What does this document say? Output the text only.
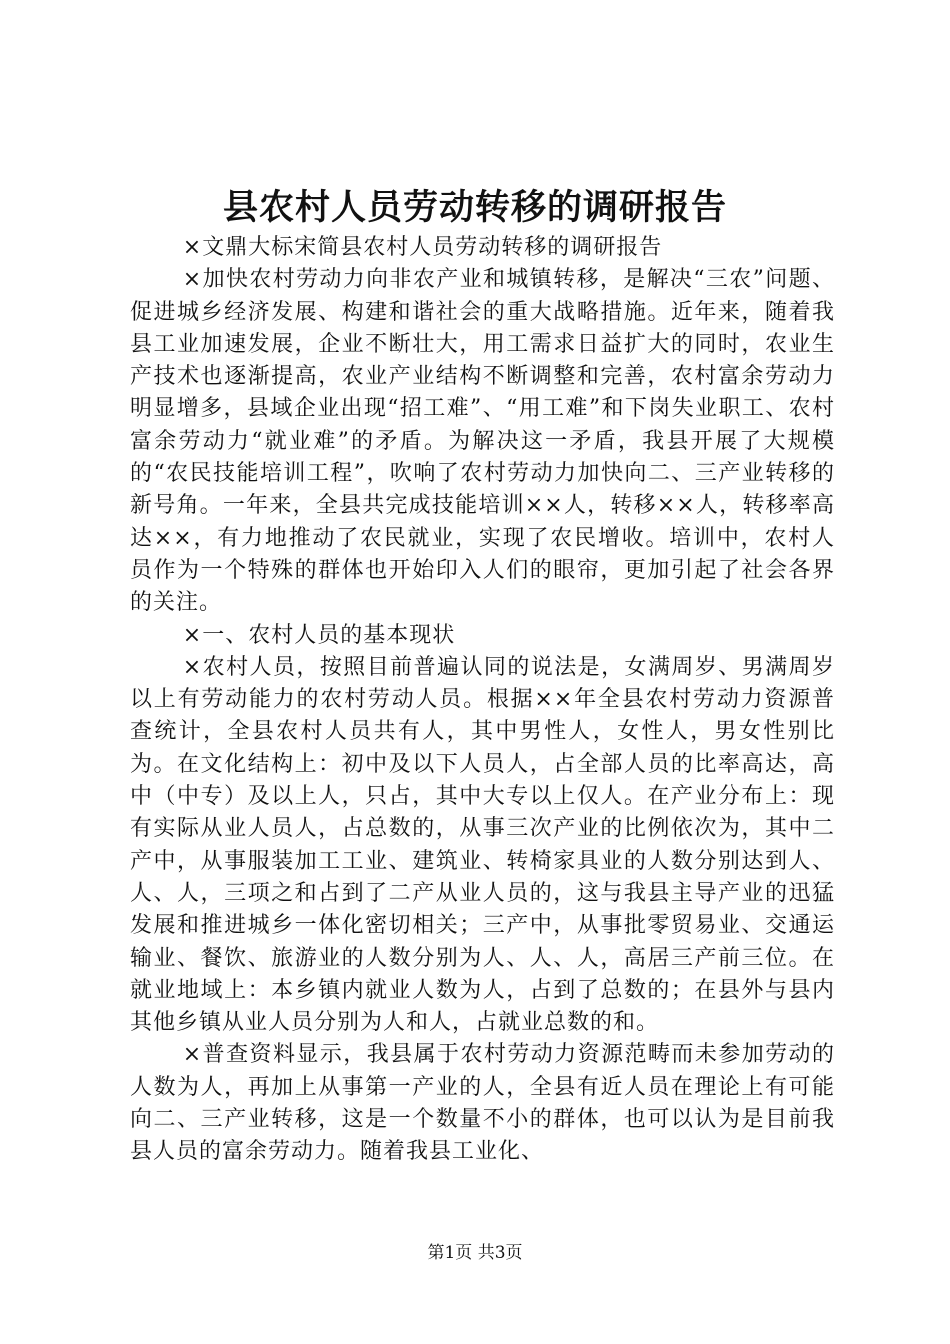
县农村人员劳动转移的调研报告

×文鼎大标宋简县农村人员劳动转移的调研报告

×加快农村劳动力向非农产业和城镇转移，是解决“三农”问题、促进城乡经济发展、构建和谐社会的重大战略措施。近年来，随着我县工业加速发展，企业不断壮大，用工需求日益扩大的同时，农业生产技术也逐渐提高，农业产业结构不断调整和完善，农村富余劳动力明显增多，县域企业出现“招工难”、“用工难”和下岗失业职工、农村富余劳动力“就业难”的矛盾。为解决这一矛盾，我县开展了大规模的“农民技能培训工程”，吹响了农村劳动力加快向二、三产业转移的新号角。一年来，全县共完成技能培训××人，转移××人，转移率高达××，有力地推动了农民就业，实现了农民增收。培训中，农村人员作为一个特殊的群体也开始印入人们的眼帘，更加引起了社会各界的关注。

×一、农村人员的基本现状

×农村人员，按照目前普遍认同的说法是，女满周岁、男满周岁以上有劳动能力的农村劳动人员。根据××年全县农村劳动力资源普查统计，全县农村人员共有人，其中男性人，女性人，男女性别比为。在文化结构上：初中及以下人员人，占全部人员的比率高达，高中（中专）及以上人，只占，其中大专以上仅人。在产业分布上：现有实际从业人员人，占总数的，从事三次产业的比例依次为，其中二产中，从事服装加工工业、建筑业、转椅家具业的人数分别达到人、人、人，三项之和占到了二产从业人员的，这与我县主导产业的迅猛发展和推进城乡一体化密切相关；三产中，从事批零贸易业、交通运输业、餐饮、旅游业的人数分别为人、人、人，高居三产前三位。在就业地域上：本乡镇内就业人数为人，占到了总数的；在县外与县内其他乡镇从业人员分别为人和人，占就业总数的和。

×普查资料显示，我县属于农村劳动力资源范畴而未参加劳动的人数为人，再加上从事第一产业的人，全县有近人员在理论上有可能向二、三产业转移，这是一个数量不小的群体，也可以认为是目前我县人员的富余劳动力。随着我县工业化、

第1页 共3页
